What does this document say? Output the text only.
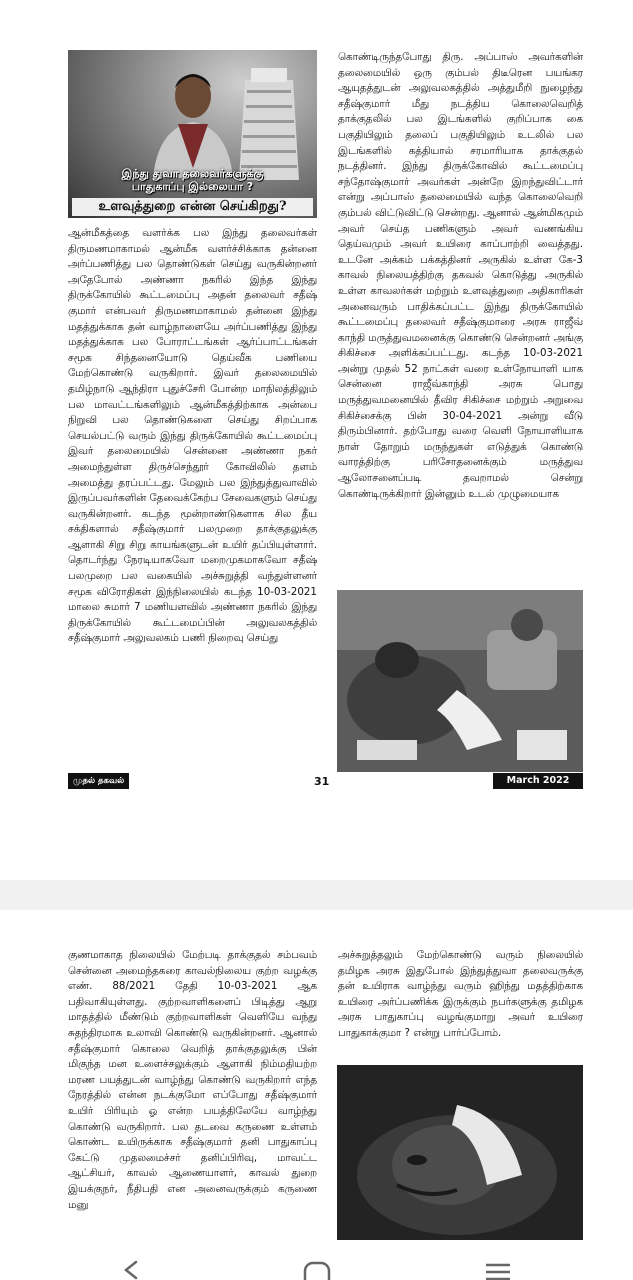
இந்து துவா தலைவர்களுக்கு
பாதுகாப்பு இல்லையா ?
உளவுத்துறை என்ன செய்கிறது?

ஆன்மீகத்தை வளர்க்க பல இந்து தலைவர்கள் திருமணமாகாமல் ஆன்மீக வளர்ச்சிக்காக தன்னை அர்ப்பணித்து பல தொண்டுகள் செய்து வருகின்றனர் அதேபோல் அண்ணா நகரில் இந்த இந்து திருக்கோயில் கூட்டமைப்பு அதன் தலைவர் சதீஷ் குமார் என்பவர் திருமணமாகாமல் தன்னை இந்து மதத்துக்காக தன் வாழ்நாளையே அர்ப்பணித்து இந்து மதத்துக்காக பல போராட்டங்கள் ஆர்ப்பாட்டங்கள் சமூக சிந்தனையோடு தெய்வீக பணியை மேற்கொண்டு வருகிறார். இவர் தலைமையில் தமிழ்நாடு ஆந்திரா புதுச்சேரி போன்ற மாநிலத்திலும் பல மாவட்டங்களிலும் ஆன்மீகத்திற்காக அன்பை நிறுவி பல தொண்டுகளை செய்து சிறப்பாக செயல்பட்டு வரும் இந்து திருக்கோயில் கூட்டமைப்பு இவர் தலைமையில் சென்னை அண்ணா நகர் அமைந்துள்ள திருச்செந்தூர் கோவிலில் தளம் அமைத்து தரப்பட்டது. மேலும் பல இந்துத்துவாவில் இருப்பவர்களின் தேவைக்கேற்ப சேவைகளும் செய்து வருகின்றனர். கடந்த மூன்றாண்டுகளாக சில தீய சக்திகளால் சதீஷ்குமார் பலமுறை தாக்குதலுக்கு ஆளாகி சிறு சிறு காயங்களுடன் உயிர் தப்பியுள்ளார். தொடர்ந்து நேரடியாகவோ மறைமுகமாகவோ சதீஷ் பலமுறை பல வகையில் அச்சுறுத்தி வந்துள்ளனர் சமூக விரோதிகள் இந்நிலையில் கடந்த 10-03-2021 மாலை சுமார் 7 மணியளவில் அண்ணா நகரில் இந்து திருக்கோயில் கூட்டமைப்பின் அலுவலகத்தில் சதீஷ்குமார் அலுவலகம் பணி நிறைவு செய்து

கொண்டிருந்தபோது திரு. அப்பாஸ் அவர்களின் தலைமையில் ஒரு கும்பல் திடீரென பயங்கர ஆயுதத்துடன் அலுவலகத்தில் அத்துமீறி நுழைந்து சதீஷ்குமார் மீது நடத்திய கொலைவெறித் தாக்குதலில் பல இடங்களில் குறிப்பாக கை பகுதியிலும் தலைப் பகுதியிலும் உடலில் பல இடங்களில் கத்தியால் சரமாரியாக தாக்குதல் நடத்தினர். இந்து திருக்கோவில் கூட்டமைப்பு சந்தோஷ்குமார் அவர்கள் அன்றே இறந்துவிட்டார் என்று அப்பாஸ் தலைமையில் வந்த கொலைவெறி கும்பல் விட்டுவிட்டு சென்றது. ஆனால் ஆன்மிகமும் அவர் செய்த பணிகளும் அவர் வணங்கிய தெய்வமும் அவர் உயிரை காப்பாற்றி வைத்தது. உடனே அக்கம் பக்கத்தினர் அருகில் உள்ள கே-3 காவல் நிலையத்திற்கு தகவல் கொடுத்து அருகில் உள்ள காவலர்கள் மற்றும் உளவுத்துறை அதிகாரிகள் அனைவரும் பாதிக்கப்பட்ட இந்து திருக்கோயில் கூட்டமைப்பு தலைவர் சதீஷ்குமாரை அரசு ராஜீவ் காந்தி மருத்துவமனைக்கு கொண்டு சென்றனர் அங்கு சிகிச்சை அளிக்கப்பட்டது. கடந்த 10-03-2021 அன்று முதல் 52 நாட்கள் வரை உள்நோயாளி யாக சென்னை ராஜீவ்காந்தி அரசு பொது மருத்துவமனையில் தீவிர சிகிச்சை மற்றும் அறுவை சிகிச்சைக்கு பின் 30-04-2021 அன்று வீடு திரும்பினார். தற்போது வரை வெளி நோயாளியாக நாள் தோறும் மருந்துகள் எடுத்துக் கொண்டு வாரத்திற்கு பரிசோதனைக்கும் மருத்துவ ஆலோசனைப்படி தவறாமல் சென்று கொண்டிருக்கிறார் இன்னும் உடல் முழுமையாக

முதல் தகவல்	31	March 2022

குணமாகாத நிலையில் மேற்படி தாக்குதல் சம்பவம் சென்னை அமைந்தகரை காவல்நிலைய குற்ற வழக்கு எண். 88/2021 தேதி 10-03-2021 ஆக பதிவாகியுள்ளது. குற்றவாளிகளைப் பிடித்து ஆறு மாதத்தில் மீண்டும் குற்றவாளிகள் வெளியே வந்து சுதந்திரமாக உலாவி கொண்டு வருகின்றனர். ஆனால் சதீஷ்குமார் கொலை வெறித் தாக்குதலுக்கு பின் மிகுந்த மன உளைச்சலுக்கும் ஆளாகி நிம்மதியற்ற மரண பயத்துடன் வாழ்ந்து கொண்டு வருகிறார் எந்த நேரத்தில் என்ன நடக்குமோ எப்போது சதீஷ்குமார் உயிர் பிரியும் ஓ என்ற பயத்திலேயே வாழ்ந்து கொண்டு வருகிறார். பல தடவை கருணை உள்ளம் கொண்ட உயிருக்காக சதீஷ்குமார் தனி பாதுகாப்பு கேட்டு முதலமைச்சர் தனிப்பிரிவு, மாவட்ட ஆட்சியர், காவல் ஆணையாளர், காவல் துறை இயக்குநர், நீதிபதி என அனைவருக்கும் கருணை மனு

அச்சுறுத்தலும் மேற்கொண்டு வரும் நிலையில் தமிழக அரசு இதுபோல் இந்துத்துவா தலைவருக்கு தன் உயிராக வாழ்ந்து வரும் ஹிந்து மதத்திற்காக உயிரை அர்ப்பணிக்க இருக்கும் நபர்களுக்கு தமிழக அரசு பாதுகாப்பு வழங்குமாறு அவர் உயிரை பாதுகாக்குமா ? என்று பார்ப்போம்.
